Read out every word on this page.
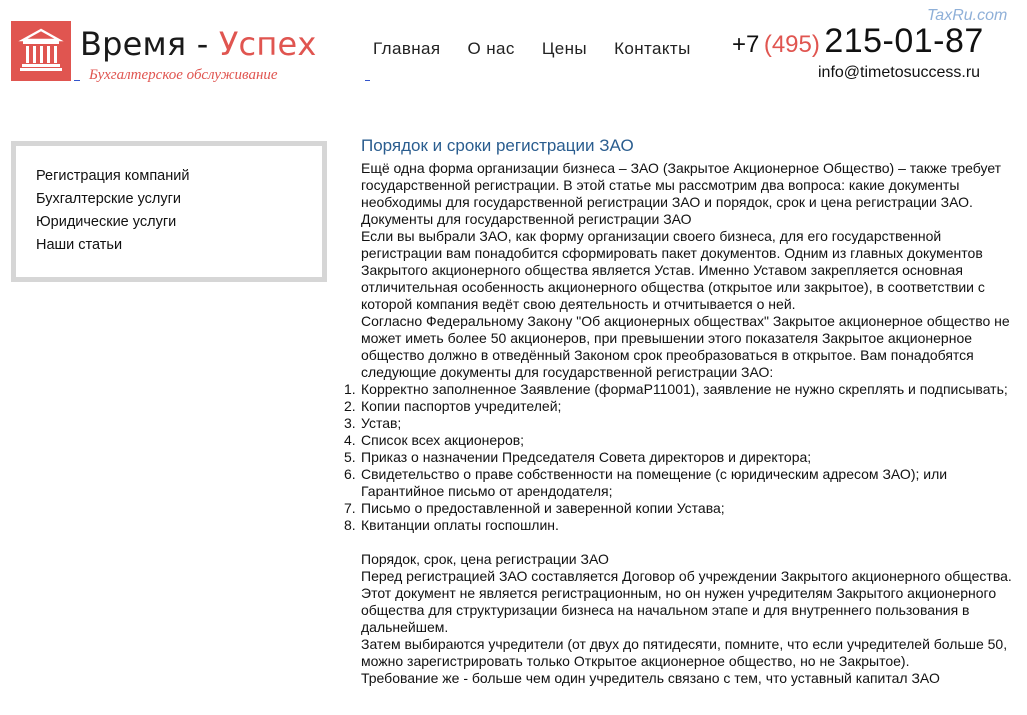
Время - Успех
Бухгалтерское обслуживание
Главная О нас Цены Контакты
TaxRu.com
+7 (495) 215-01-87
info@timetosuccess.ru
Регистрация компаний
Бухгалтерские услуги
Юридические услуги
Наши статьи
Порядок и сроки регистрации ЗАО

Ещё одна форма организации бизнеса – ЗАО (Закрытое Акционерное Общество) – также требует государственной регистрации. В этой статье мы рассмотрим два вопроса: какие документы необходимы для государственной регистрации ЗАО и порядок, срок и цена регистрации ЗАО.

Документы для государственной регистрации ЗАО

Если вы выбрали ЗАО, как форму организации своего бизнеса, для его государственной регистрации вам понадобится сформировать пакет документов. Одним из главных документов Закрытого акционерного общества является Устав. Именно Уставом закрепляется основная отличительная особенность акционерного общества (открытое или закрытое), в соответствии с которой компания ведёт свою деятельность и отчитывается о ней.

Согласно Федеральному Закону "Об акционерных обществах" Закрытое акционерное общество не может иметь более 50 акционеров, при превышении этого показателя Закрытое акционерное общество должно в отведённый Законом срок преобразоваться в открытое. Вам понадобятся следующие документы для государственной регистрации ЗАО:

1. Корректно заполненное Заявление (формаР11001), заявление не нужно скреплять и подписывать;
2. Копии паспортов учредителей;
3. Устав;
4. Список всех акционеров;
5. Приказ о назначении Председателя Совета директоров и директора;
6. Свидетельство о праве собственности на помещение (с юридическим адресом ЗАО); или Гарантийное письмо от арендодателя;
7. Письмо о предоставленной и заверенной копии Устава;
8. Квитанции оплаты госпошлин.

Порядок, срок, цена регистрации ЗАО

Перед регистрацией ЗАО составляется Договор об учреждении Закрытого акционерного общества. Этот документ не является регистрационным, но он нужен учредителям Закрытого акционерного общества для структуризации бизнеса на начальном этапе и для внутреннего пользования в дальнейшем.

Затем выбираются учредители (от двух до пятидесяти, помните, что если учредителей больше 50, можно зарегистрировать только Открытое акционерное общество, но не Закрытое).

Требование же - больше чем один учредитель связано с тем, что уставный капитал ЗАО
